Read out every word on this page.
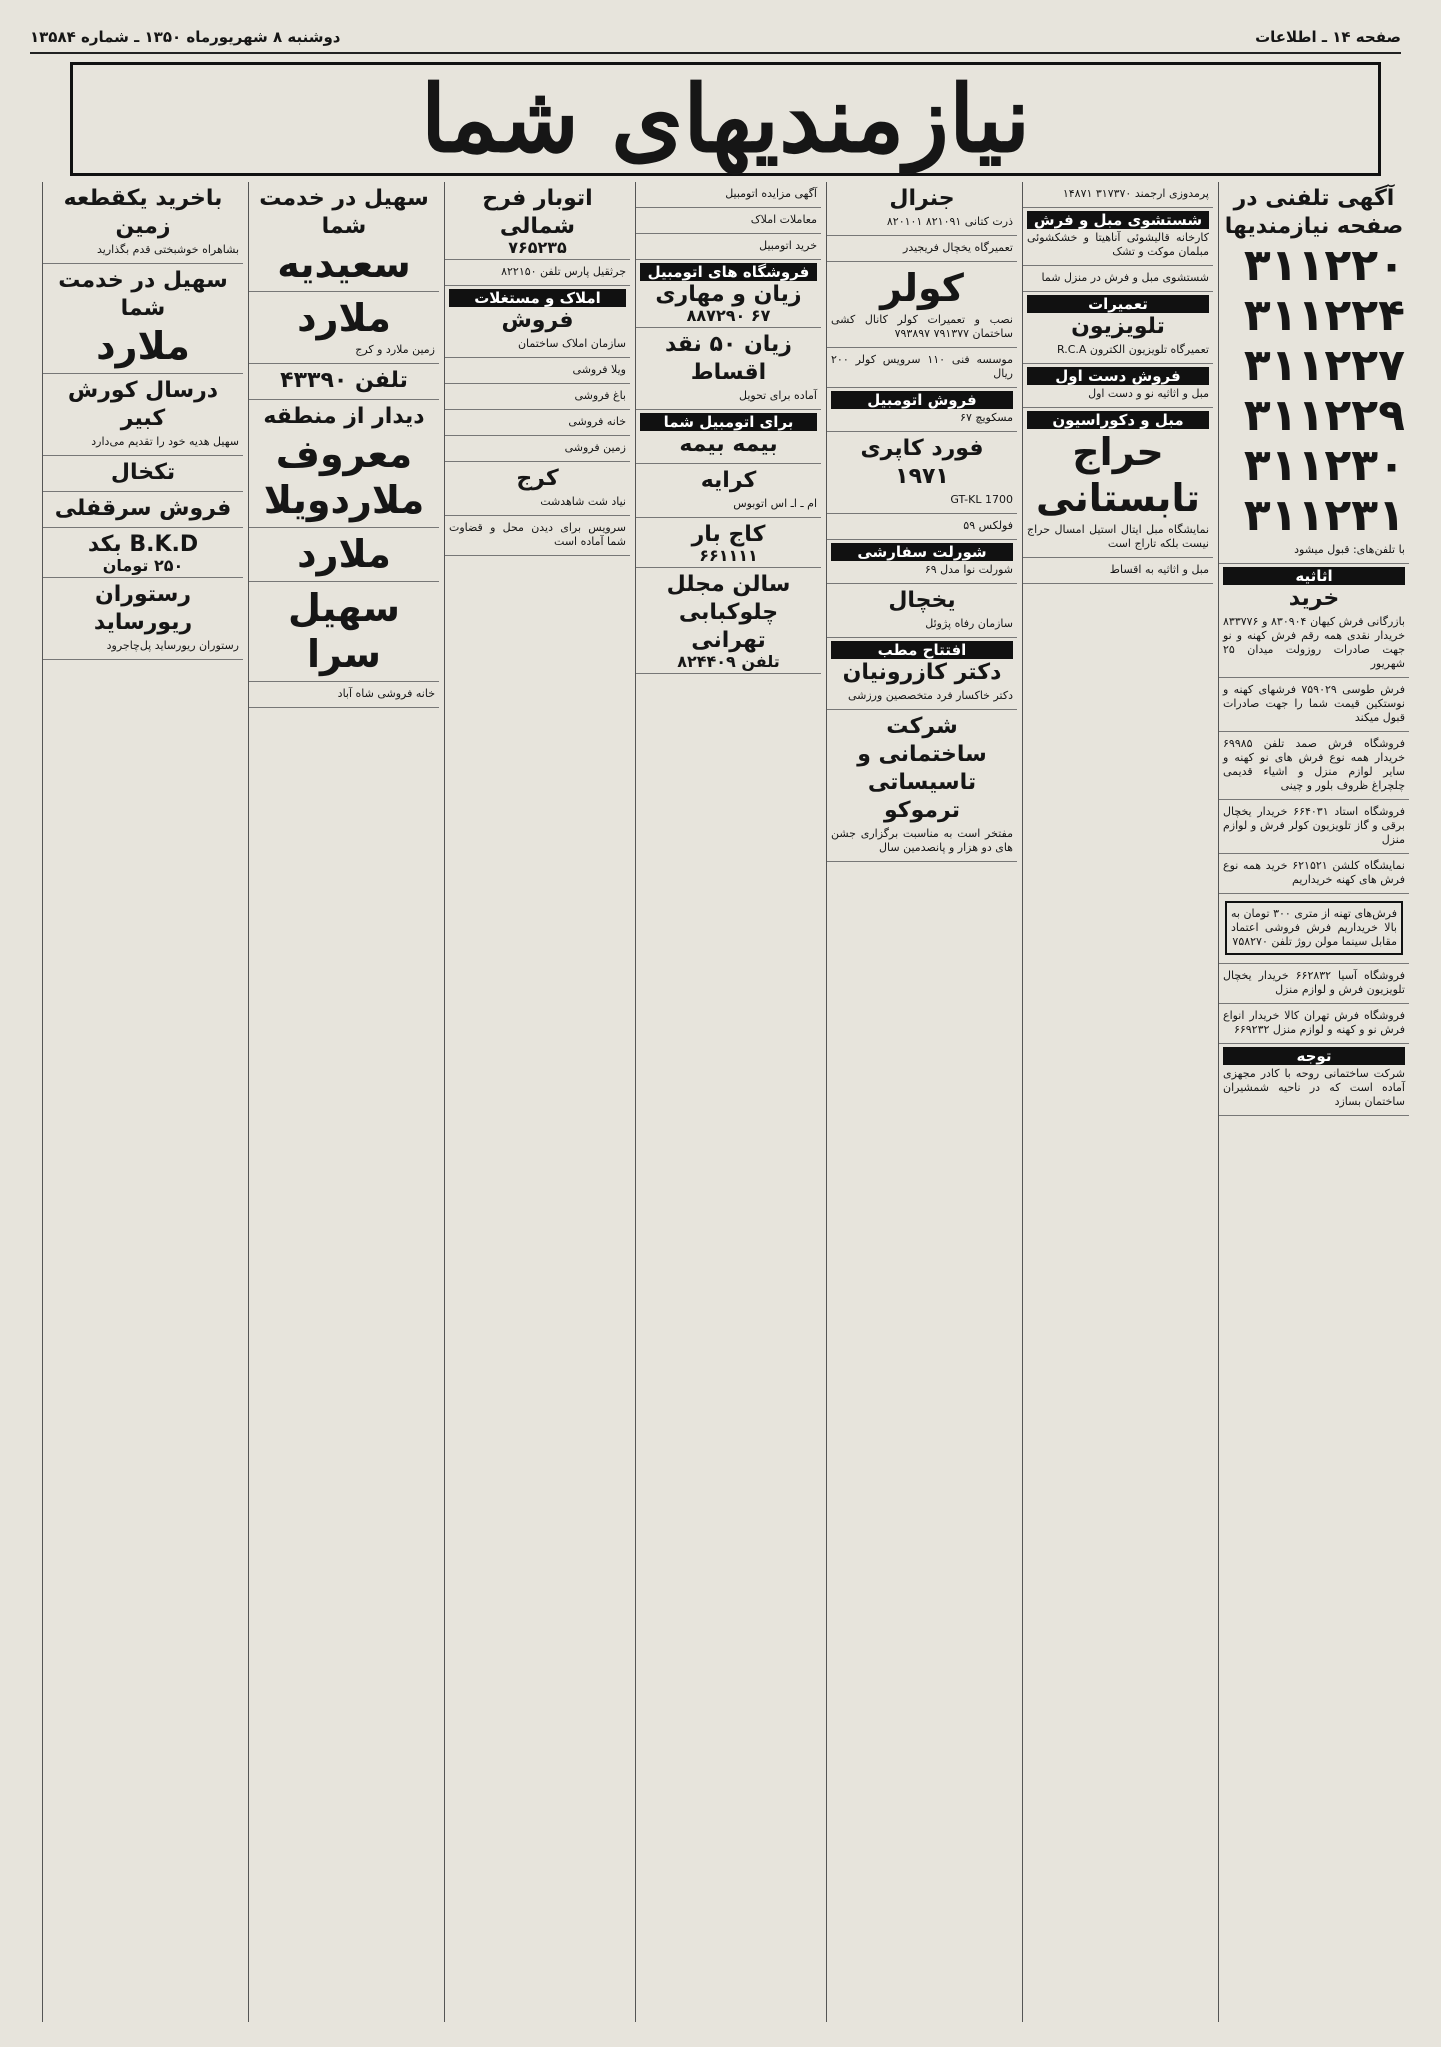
صفحه ۱۴ ـ اطلاعات
دوشنبه ۸ شهریورماه ۱۳۵۰ ـ شماره ۱۳۵۸۴
نیازمندیهای شما
آگهی تلفنی در صفحه نیازمندیها
۳۱۱۲۲۰
۳۱۱۲۲۴
۳۱۱۲۲۷
۳۱۱۲۲۹
۳۱۱۲۳۰
۳۱۱۲۳۱
با تلفن‌های: قبول میشود
اثاثیه
خرید
بازرگانی فرش کیهان ۸۳۰۹۰۴ و ۸۳۳۷۷۶ خریدار نقدی همه رقم فرش کهنه و نو جهت صادرات روزولت میدان ۲۵ شهریور
فرش طوسی ۷۵۹۰۲۹ فرشهای کهنه و نوستکین قیمت شما را جهت صادرات قبول میکند
فروشگاه فرش صمد تلفن ۶۹۹۸۵ خریدار همه نوع فرش های نو کهنه و سایر لوازم منزل و اشیاء قدیمی چلچراغ ظروف بلور و چینی
فروشگاه استاد ۶۶۴۰۳۱ خریدار یخچال برقی و گاز تلویزیون کولر فرش و لوازم منزل
نمایشگاه کلشن ۶۲۱۵۲۱ خرید همه نوع فرش های کهنه خریداریم
فرش‌های تهنه از متری ۳۰۰ تومان به بالا خریداریم فرش فروشی اعتماد مقابل سینما مولن روژ تلفن ۷۵۸۲۷۰
فروشگاه آسیا ۶۶۲۸۳۲ خریدار یخچال تلویزیون فرش و لوازم منزل
فروشگاه فرش تهران کالا خریدار انواع فرش نو و کهنه و لوازم منزل ۶۶۹۲۳۲
توجه
شرکت ساختمانی روحه با کادر مجهزی آماده است که در ناحیه شمشیران ساختمان بسازد
پرمدوزی ارجمند ۳۱۷۳۷۰ ۱۴۸۷۱
شستشوی مبل و فرش
کارخانه قالیشوئی آناهیتا و خشکشوئی مبلمان موکت و تشک
شستشوی مبل و فرش در منزل شما
تعمیرات
تلویزیون
تعمیرگاه تلویزیون الکترون R.C.A
فروش دست اول
مبل و اثاثیه نو و دست اول
مبل و دکوراسیون
حراج تابستانی
نمایشگاه مبل ایتال استیل امسال حراج نیست بلکه تاراج است
مبل و اثاثیه به اقساط
جنرال
ذرت کتانی ۸۲۱۰۹۱ ۸۲۰۱۰۱
تعمیرگاه یخچال فریجیدر
کولر
نصب و تعمیرات کولر کانال کشی ساختمان ۷۹۱۳۷۷ ۷۹۳۸۹۷
موسسه فنی ۱۱۰ سرویس کولر ۲۰۰ ریال
فروش اتومبیل
مسکویچ ۶۷
فورد کاپری ۱۹۷۱
1700 GT-KL
فولکس ۵۹
شورلت سفارشی
شورلت نوا مدل ۶۹
یخچال
سازمان رفاه پژوئل
افتتاح مطب
دکتر کازرونیان
دکتر خاکسار فرد متخصصین ورزشی
شرکت ساختمانی و تاسیساتی ترموکو
مفتخر است به مناسبت برگزاری جشن های دو هزار و پانصدمین سال
آگهی مزایده اتومبیل
معاملات املاک
خرید اتومبیل
فروشگاه های اتومبیل
زیان و مهاری
۶۷ ۸۸۷۲۹۰
زیان ۵۰ نقد اقساط
آماده برای تحویل
برای اتومبیل شما
بیمه بیمه
کرایه
ام ـ اـ اس اتوبوس
کاج بار
۶۶۱۱۱۱
سالن مجلل چلوکبابی تهرانی
تلفن ۸۲۴۴۰۹
اتوبار فرح شمالی
۷۶۵۲۳۵
جرثقیل پارس تلفن ۸۲۲۱۵۰
املاک و مستغلات
فروش
سازمان املاک ساختمان
ویلا فروشی
باغ فروشی
خانه فروشی
زمین فروشی
کرج
نیاد شت شاهدشت
سرویس برای دیدن محل و قضاوت شما آماده است
سهیل در خدمت شما
سعیدیه
ملارد
زمین ملارد و کرج
تلفن ۴۳۳۹۰
دیدار از منطقه
معروف ملاردویلا
ملارد
سهیل سرا
خانه فروشی شاه آباد
باخرید یکقطعه زمین
بشاهراه خوشبختی قدم بگذارید
سهیل در خدمت شما
ملارد
درسال کورش کبیر
سهیل هدیه خود را تقدیم می‌دارد
تکخال
فروش سرقفلی
B.K.D بکد
۲۵۰ تومان
رستوران ریورساید
رستوران ریورساید پل‌چاجرود
